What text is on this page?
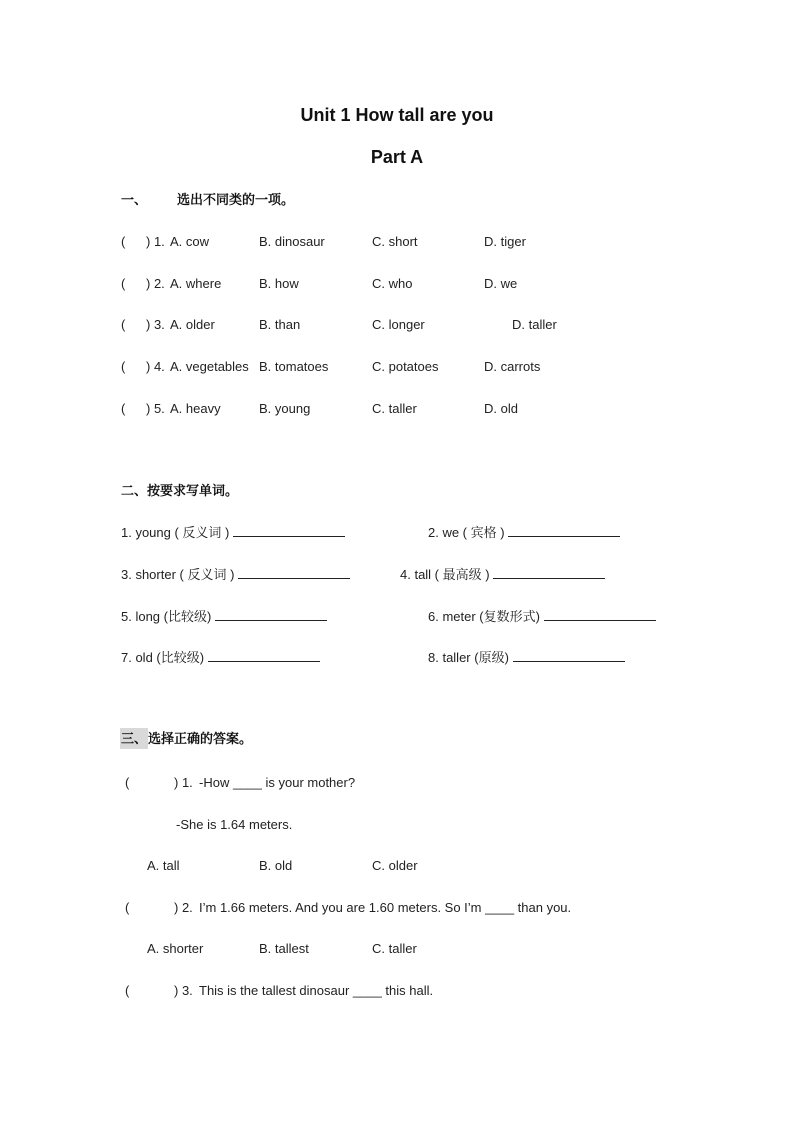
Unit 1 How tall are you
Part A
一、 选出不同类的一项。
( ) 1. A. cow	B. dinosaur	C. short	D. tiger
( ) 2. A. where	B. how	C. who	D. we
( ) 3. A. older	B. than	C. longer	D. taller
( ) 4. A. vegetables B. tomatoes	C. potatoes	D. carrots
( ) 5. A. heavy	B. young	C. taller	D. old
二、按要求写单词。
1. young ( 反义词 )	2. we ( 宾格 )
3. shorter ( 反义词 )	4. tall ( 最高级 )
5. long (比较级)	6. meter (复数形式)
7. old (比较级)	8. taller (原级)
三、选择正确的答案。
(	) 1. -How ____ is your mother?
-She is 1.64 meters.
A. tall	B. old	C. older
(	) 2. I’m 1.66 meters. And you are 1.60 meters. So I’m ____ than you.
A. shorter	B. tallest	C. taller
(	) 3. This is the tallest dinosaur ____ this hall.
